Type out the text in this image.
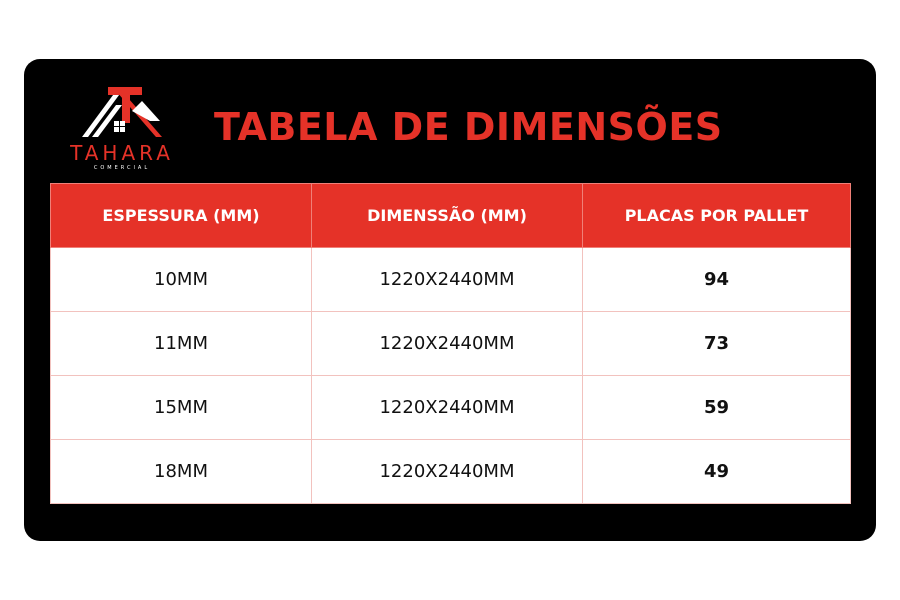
TAHARA
COMERCIAL
TABELA DE DIMENSÕES
ESPESSURA (MM)	DIMENSSÃO (MM)	PLACAS POR PALLET
10MM	1220X2440MM	94
11MM	1220X2440MM	73
15MM	1220X2440MM	59
18MM	1220X2440MM	49
